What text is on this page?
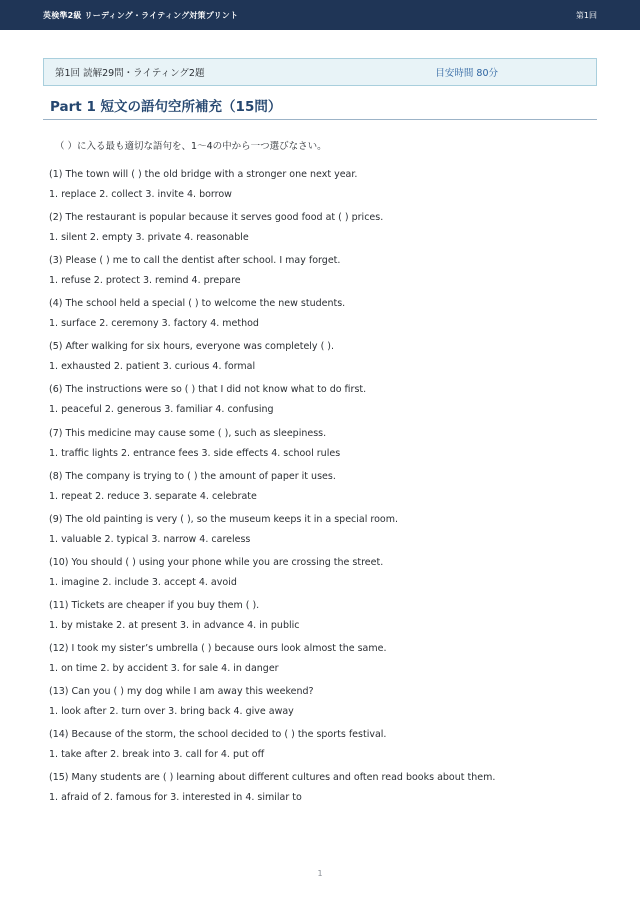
英検準2級 リーディング・ライティング対策プリント	第1回
第1回 読解29問・ライティング2題	目安時間 80分
Part 1 短文の語句空所補充（15問）
（ ）に入る最も適切な語句を、1〜4の中から一つ選びなさい。
(1) The town will ( ) the old bridge with a stronger one next year.
1. replace 2. collect 3. invite 4. borrow
(2) The restaurant is popular because it serves good food at ( ) prices.
1. silent 2. empty 3. private 4. reasonable
(3) Please ( ) me to call the dentist after school. I may forget.
1. refuse 2. protect 3. remind 4. prepare
(4) The school held a special ( ) to welcome the new students.
1. surface 2. ceremony 3. factory 4. method
(5) After walking for six hours, everyone was completely ( ).
1. exhausted 2. patient 3. curious 4. formal
(6) The instructions were so ( ) that I did not know what to do first.
1. peaceful 2. generous 3. familiar 4. confusing
(7) This medicine may cause some ( ), such as sleepiness.
1. traffic lights 2. entrance fees 3. side effects 4. school rules
(8) The company is trying to ( ) the amount of paper it uses.
1. repeat 2. reduce 3. separate 4. celebrate
(9) The old painting is very ( ), so the museum keeps it in a special room.
1. valuable 2. typical 3. narrow 4. careless
(10) You should ( ) using your phone while you are crossing the street.
1. imagine 2. include 3. accept 4. avoid
(11) Tickets are cheaper if you buy them ( ).
1. by mistake 2. at present 3. in advance 4. in public
(12) I took my sister’s umbrella ( ) because ours look almost the same.
1. on time 2. by accident 3. for sale 4. in danger
(13) Can you ( ) my dog while I am away this weekend?
1. look after 2. turn over 3. bring back 4. give away
(14) Because of the storm, the school decided to ( ) the sports festival.
1. take after 2. break into 3. call for 4. put off
(15) Many students are ( ) learning about different cultures and often read books about them.
1. afraid of 2. famous for 3. interested in 4. similar to
1
